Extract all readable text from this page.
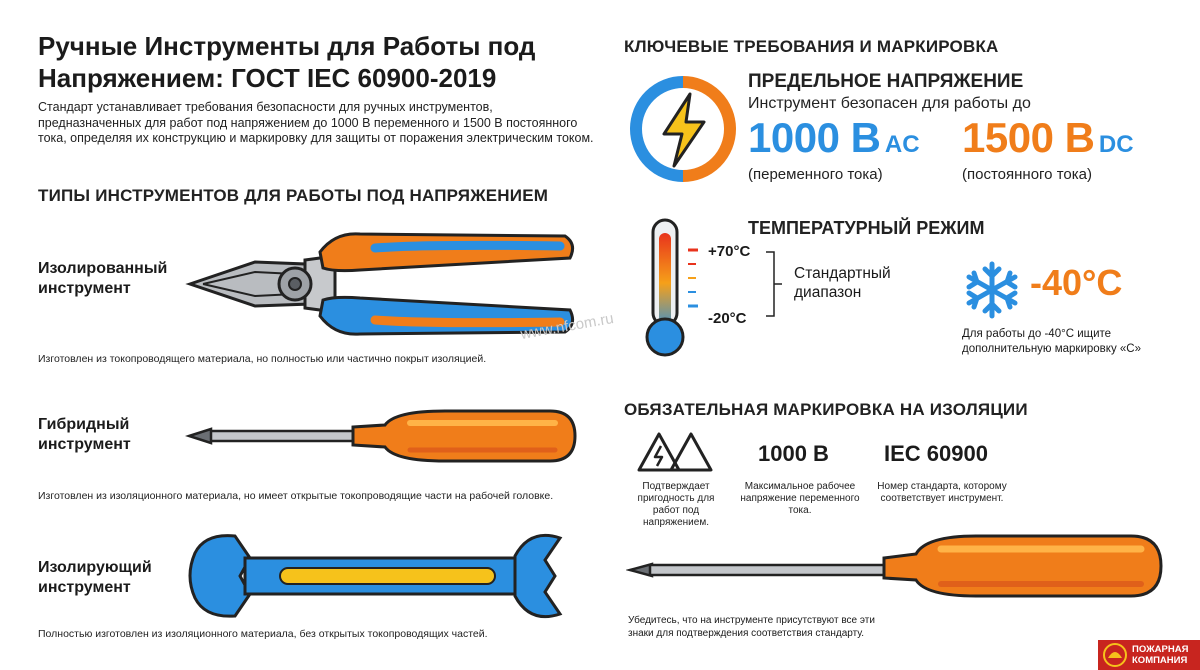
Ручные Инструменты для Работы под Напряжением: ГОСТ IEC 60900-2019
Стандарт устанавливает требования безопасности для ручных инструментов, предназначенных для работ под напряжением до 1000 В переменного и 1500 В постоянного тока, определяя их конструкцию и маркировку для защиты от поражения электрическим током.
ТИПЫ ИНСТРУМЕНТОВ ДЛЯ РАБОТЫ ПОД НАПРЯЖЕНИЕМ
Изолированный инструмент
Изготовлен из токопроводящего материала, но полностью или частично покрыт изоляцией.
www.nfcom.ru
Гибридный инструмент
Изготовлен из изоляционного материала, но имеет открытые токопроводящие части на рабочей головке.
Изолирующий инструмент
Полностью изготовлен из изоляционного материала, без открытых токопроводящих частей.
КЛЮЧЕВЫЕ ТРЕБОВАНИЯ И МАРКИРОВКА
ПРЕДЕЛЬНОЕ НАПРЯЖЕНИЕ
Инструмент безопасен для работы до
1000 В AC
(переменного тока)
1500 В DC
(постоянного тока)
ТЕМПЕРАТУРНЫЙ РЕЖИМ
+70°C
-20°C
Стандартный диапазон	-40°C
Для работы до -40°С ищите дополнительную маркировку «С»
ОБЯЗАТЕЛЬНАЯ МАРКИРОВКА НА ИЗОЛЯЦИИ
Подтверждает пригодность для работ под напряжением.
1000 В
Максимальное рабочее напряжение переменного тока.
IEC 60900
Номер стандарта, которому соответствует инструмент.
Убедитесь, что на инструменте присутствуют все эти знаки для подтверждения соответствия стандарту.
ПОЖАРНАЯ
КОМПАНИЯ
